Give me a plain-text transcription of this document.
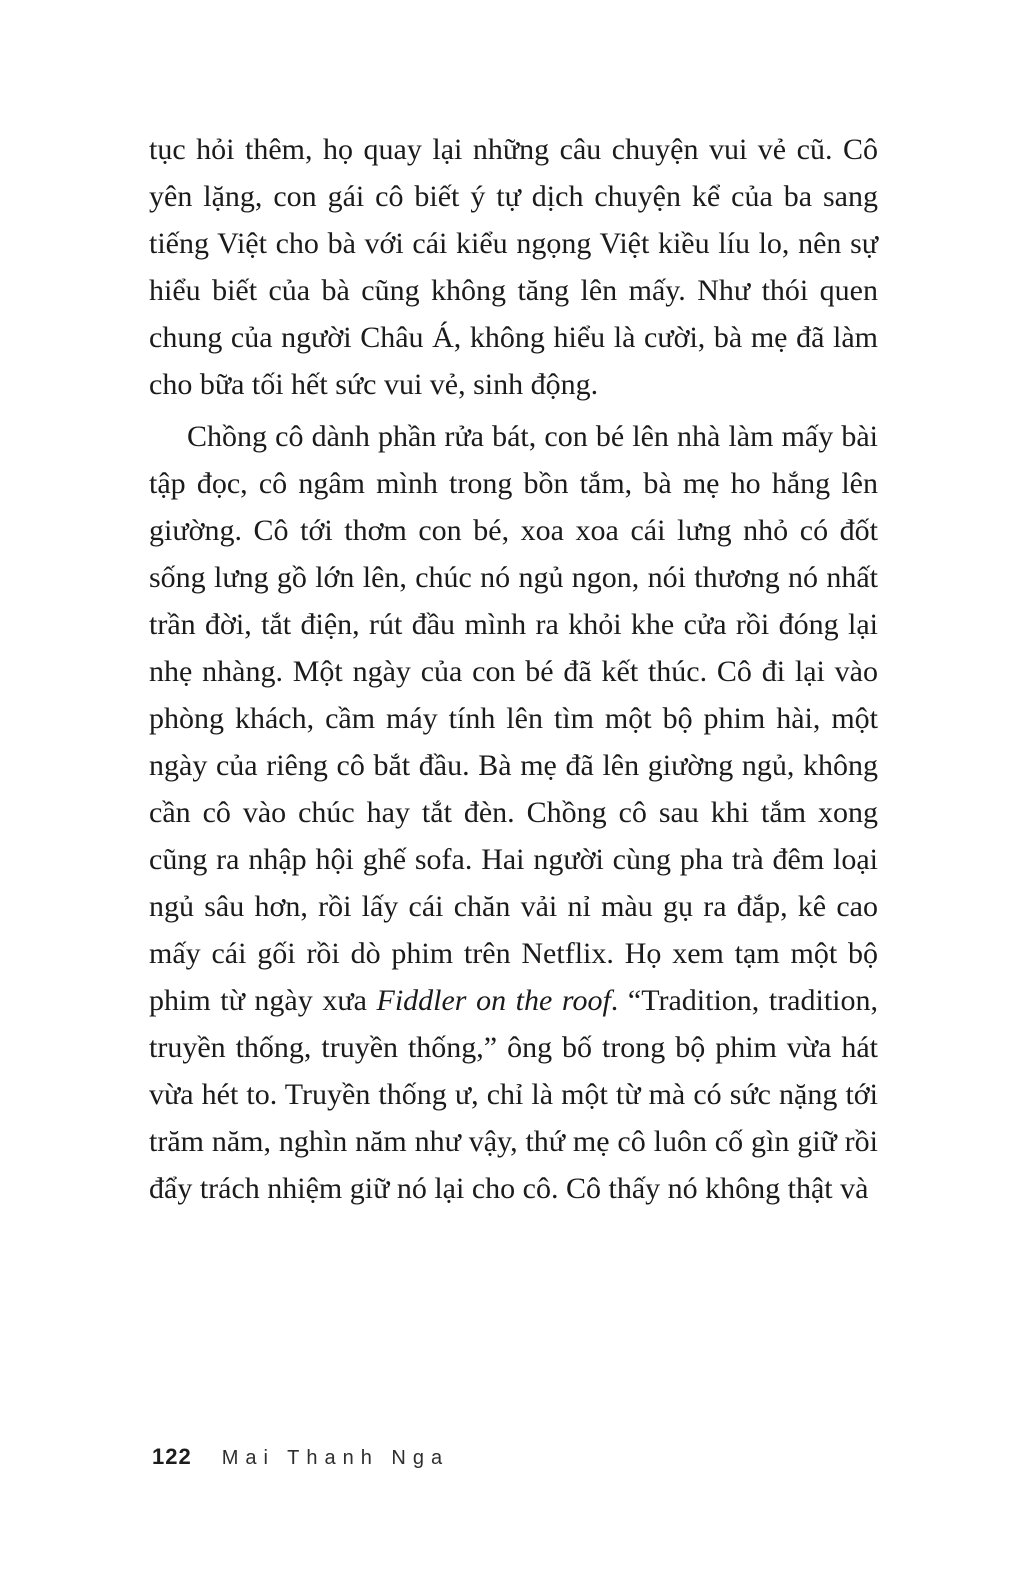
tục hỏi thêm, họ quay lại những câu chuyện vui vẻ cũ. Cô yên lặng, con gái cô biết ý tự dịch chuyện kể của ba sang tiếng Việt cho bà với cái kiểu ngọng Việt kiều líu lo, nên sự hiểu biết của bà cũng không tăng lên mấy. Như thói quen chung của người Châu Á, không hiểu là cười, bà mẹ đã làm cho bữa tối hết sức vui vẻ, sinh động.

Chồng cô dành phần rửa bát, con bé lên nhà làm mấy bài tập đọc, cô ngâm mình trong bồn tắm, bà mẹ ho hắng lên giường. Cô tới thơm con bé, xoa xoa cái lưng nhỏ có đốt sống lưng gồ lớn lên, chúc nó ngủ ngon, nói thương nó nhất trần đời, tắt điện, rút đầu mình ra khỏi khe cửa rồi đóng lại nhẹ nhàng. Một ngày của con bé đã kết thúc. Cô đi lại vào phòng khách, cầm máy tính lên tìm một bộ phim hài, một ngày của riêng cô bắt đầu. Bà mẹ đã lên giường ngủ, không cần cô vào chúc hay tắt đèn. Chồng cô sau khi tắm xong cũng ra nhập hội ghế sofa. Hai người cùng pha trà đêm loại ngủ sâu hơn, rồi lấy cái chăn vải nỉ màu gụ ra đắp, kê cao mấy cái gối rồi dò phim trên Netflix. Họ xem tạm một bộ phim từ ngày xưa Fiddler on the roof. “Tradition, tradition, truyền thống, truyền thống,” ông bố trong bộ phim vừa hát vừa hét to. Truyền thống ư, chỉ là một từ mà có sức nặng tới trăm năm, nghìn năm như vậy, thứ mẹ cô luôn cố gìn giữ rồi đẩy trách nhiệm giữ nó lại cho cô. Cô thấy nó không thật và

122 Mai Thanh Nga
